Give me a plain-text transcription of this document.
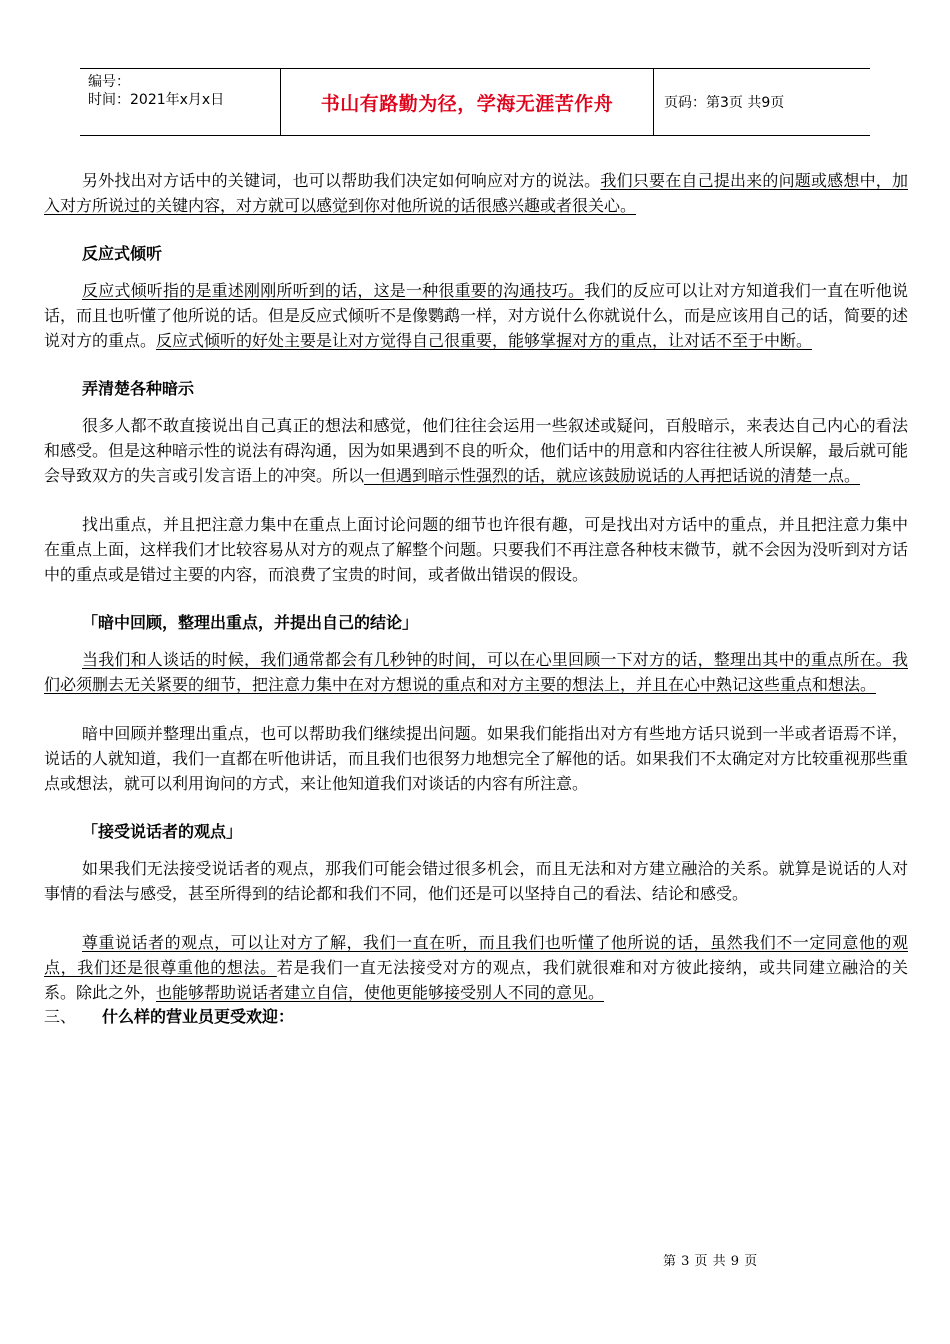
编号：
时间：2021年x月x日	书山有路勤为径，学海无涯苦作舟	页码：第3页 共9页

另外找出对方话中的关键词，也可以帮助我们决定如何响应对方的说法。我们只要在自己提出来的问题或感想中，加入对方所说过的关键内容，对方就可以感觉到你对他所说的话很感兴趣或者很关心。

反应式倾听

反应式倾听指的是重述刚刚所听到的话，这是一种很重要的沟通技巧。我们的反应可以让对方知道我们一直在听他说话，而且也听懂了他所说的话。但是反应式倾听不是像鹦鹉一样，对方说什么你就说什么，而是应该用自己的话，简要的述说对方的重点。反应式倾听的好处主要是让对方觉得自己很重要，能够掌握对方的重点，让对话不至于中断。

弄清楚各种暗示

很多人都不敢直接说出自己真正的想法和感觉，他们往往会运用一些叙述或疑问，百般暗示，来表达自己内心的看法和感受。但是这种暗示性的说法有碍沟通，因为如果遇到不良的听众，他们话中的用意和内容往往被人所误解，最后就可能会导致双方的失言或引发言语上的冲突。所以一但遇到暗示性强烈的话，就应该鼓励说话的人再把话说的清楚一点。

找出重点，并且把注意力集中在重点上面讨论问题的细节也许很有趣，可是找出对方话中的重点，并且把注意力集中在重点上面，这样我们才比较容易从对方的观点了解整个问题。只要我们不再注意各种枝末微节，就不会因为没听到对方话中的重点或是错过主要的内容，而浪费了宝贵的时间，或者做出错误的假设。

「暗中回顾，整理出重点，并提出自己的结论」

当我们和人谈话的时候，我们通常都会有几秒钟的时间，可以在心里回顾一下对方的话，整理出其中的重点所在。我们必须删去无关紧要的细节，把注意力集中在对方想说的重点和对方主要的想法上，并且在心中熟记这些重点和想法。

暗中回顾并整理出重点，也可以帮助我们继续提出问题。如果我们能指出对方有些地方话只说到一半或者语焉不详，说话的人就知道，我们一直都在听他讲话，而且我们也很努力地想完全了解他的话。如果我们不太确定对方比较重视那些重点或想法，就可以利用询问的方式，来让他知道我们对谈话的内容有所注意。

「接受说话者的观点」

如果我们无法接受说话者的观点，那我们可能会错过很多机会，而且无法和对方建立融洽的关系。就算是说话的人对事情的看法与感受，甚至所得到的结论都和我们不同，他们还是可以坚持自己的看法、结论和感受。

尊重说话者的观点，可以让对方了解，我们一直在听，而且我们也听懂了他所说的话，虽然我们不一定同意他的观点，我们还是很尊重他的想法。若是我们一直无法接受对方的观点，我们就很难和对方彼此接纳，或共同建立融洽的关系。除此之外，也能够帮助说话者建立自信，使他更能够接受别人不同的意见。

三、	什么样的营业员更受欢迎：
第 3 页 共 9 页
